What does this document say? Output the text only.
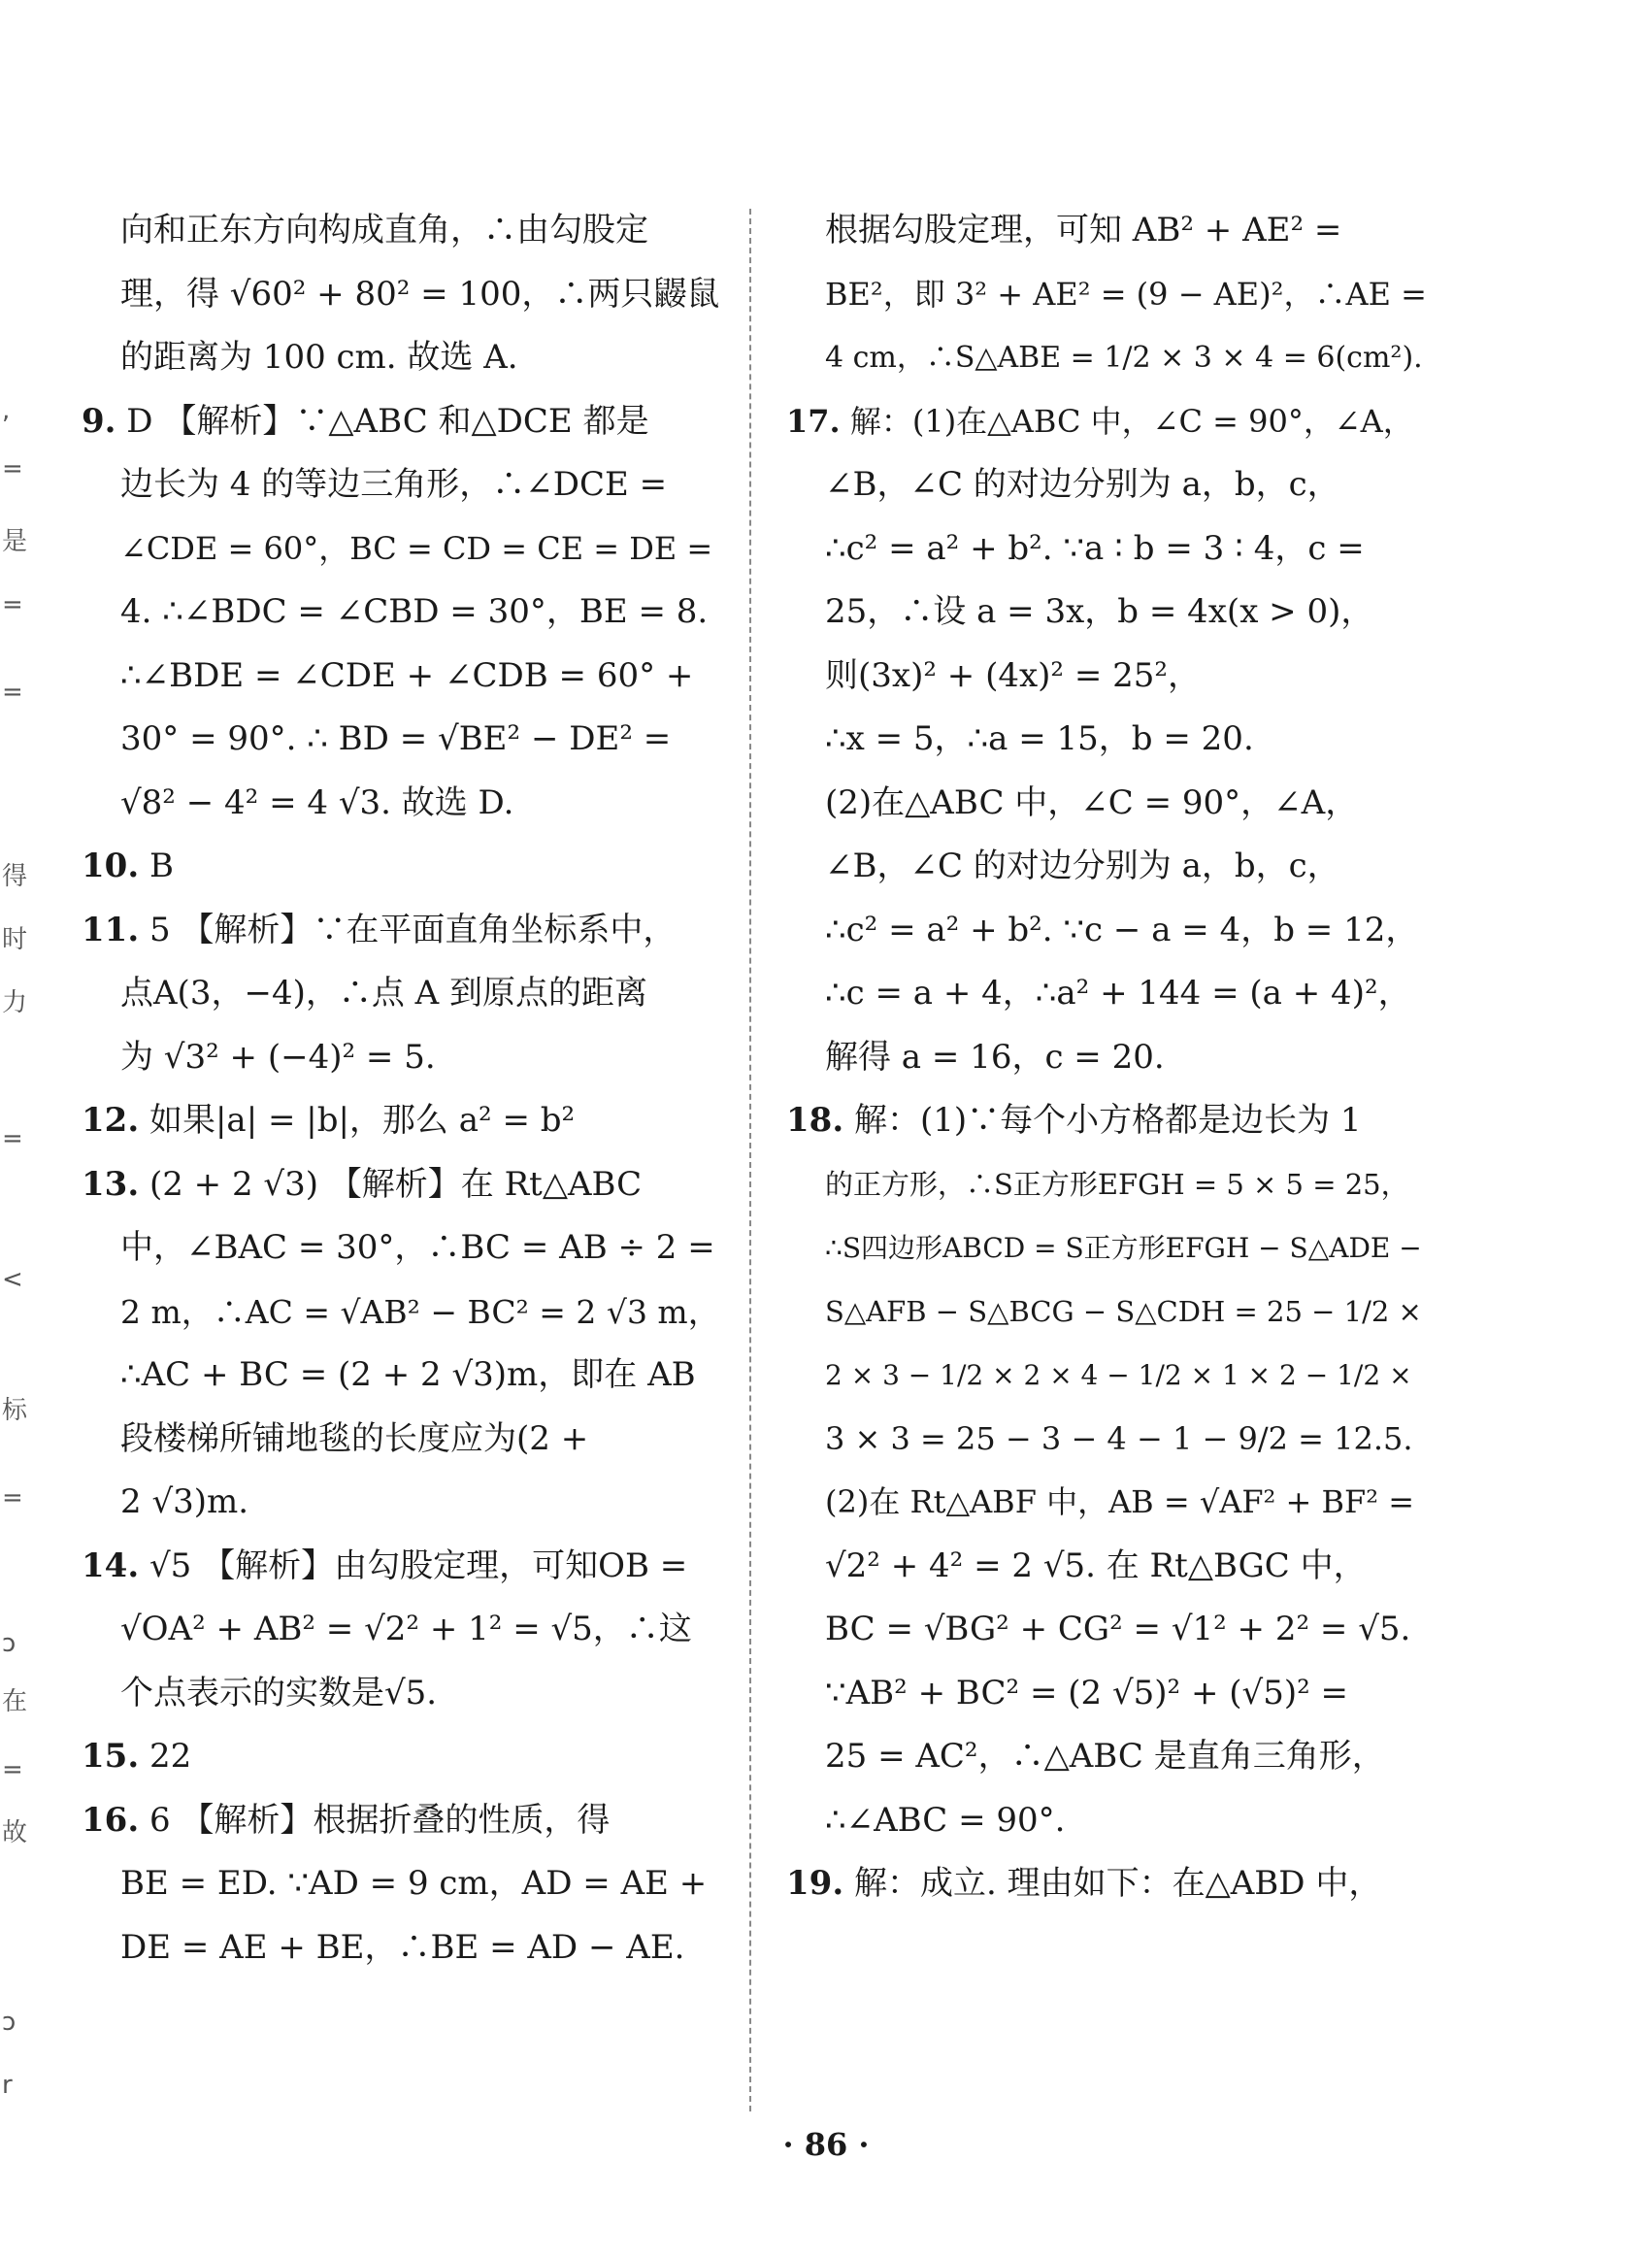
,
=
是
=
=
得
时
力
=
<
标
=
ɔ
在
=
故
ɔ
r
向和正东方向构成直角，∴由勾股定
理，得 √60² + 80² = 100，∴两只鼹鼠
的距离为 100 cm. 故选 A.
9. D 【解析】∵△ABC 和△DCE 都是
边长为 4 的等边三角形，∴∠DCE =
∠CDE = 60°，BC = CD = CE = DE =
4. ∴∠BDC = ∠CBD = 30°，BE = 8.
∴∠BDE = ∠CDE + ∠CDB = 60° +
30° = 90°. ∴ BD = √BE² − DE² =
√8² − 4² = 4 √3. 故选 D.
10. B
11. 5 【解析】∵在平面直角坐标系中，
点A(3，−4)，∴点 A 到原点的距离
为 √3² + (−4)² = 5.
12. 如果|a| = |b|，那么 a² = b²
13. (2 + 2 √3) 【解析】在 Rt△ABC
中，∠BAC = 30°，∴BC = AB ÷ 2 =
2 m，∴AC = √AB² − BC² = 2 √3 m，
∴AC + BC = (2 + 2 √3)m，即在 AB
段楼梯所铺地毯的长度应为(2 +
2 √3)m.
14. √5 【解析】由勾股定理，可知OB =
√OA² + AB² = √2² + 1² = √5，∴这
个点表示的实数是√5.
15. 22
16. 6 【解析】根据折叠的性质，得
BE = ED. ∵AD = 9 cm，AD = AE +
DE = AE + BE，∴BE = AD − AE.
根据勾股定理，可知 AB² + AE² =
BE²，即 3² + AE² = (9 − AE)²，∴AE =
4 cm，∴S△ABE = 1/2 × 3 × 4 = 6(cm²).
17. 解：(1)在△ABC 中，∠C = 90°，∠A，
∠B，∠C 的对边分别为 a，b，c，
∴c² = a² + b². ∵a ∶ b = 3 ∶ 4，c =
25，∴设 a = 3x，b = 4x(x > 0)，
则(3x)² + (4x)² = 25²，
∴x = 5，∴a = 15，b = 20.
(2)在△ABC 中，∠C = 90°，∠A，
∠B，∠C 的对边分别为 a，b，c，
∴c² = a² + b². ∵c − a = 4，b = 12，
∴c = a + 4，∴a² + 144 = (a + 4)²，
解得 a = 16，c = 20.
18. 解：(1)∵每个小方格都是边长为 1
的正方形，∴S正方形EFGH = 5 × 5 = 25，
∴S四边形ABCD = S正方形EFGH − S△ADE −
S△AFB − S△BCG − S△CDH = 25 − 1/2 ×
2 × 3 − 1/2 × 2 × 4 − 1/2 × 1 × 2 − 1/2 ×
3 × 3 = 25 − 3 − 4 − 1 − 9/2 = 12.5.
(2)在 Rt△ABF 中，AB = √AF² + BF² =
√2² + 4² = 2 √5. 在 Rt△BGC 中，
BC = √BG² + CG² = √1² + 2² = √5.
∵AB² + BC² = (2 √5)² + (√5)² =
25 = AC²，∴△ABC 是直角三角形，
∴∠ABC = 90°.
19. 解：成立. 理由如下：在△ABD 中，
· 86 ·
